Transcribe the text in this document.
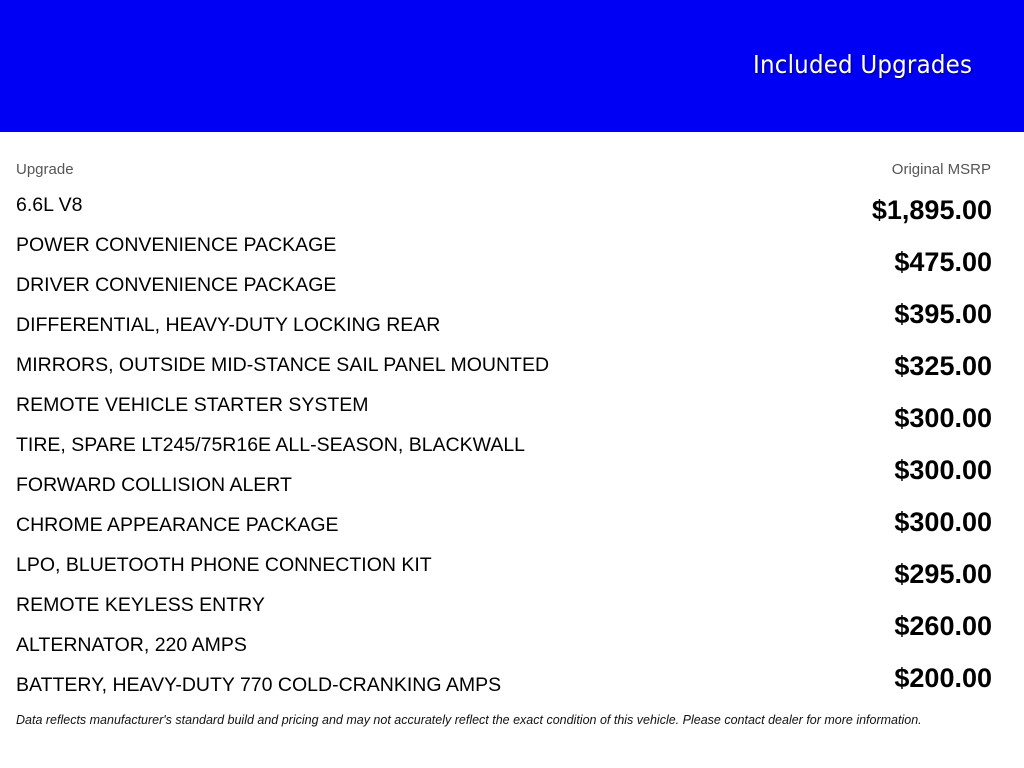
Included Upgrades
Upgrade	Original MSRP
6.6L V8
POWER CONVENIENCE PACKAGE
DRIVER CONVENIENCE PACKAGE
DIFFERENTIAL, HEAVY-DUTY LOCKING REAR
MIRRORS, OUTSIDE MID-STANCE SAIL PANEL MOUNTED
REMOTE VEHICLE STARTER SYSTEM
TIRE, SPARE LT245/75R16E ALL-SEASON, BLACKWALL
FORWARD COLLISION ALERT
CHROME APPEARANCE PACKAGE
LPO, BLUETOOTH PHONE CONNECTION KIT
REMOTE KEYLESS ENTRY
ALTERNATOR, 220 AMPS
BATTERY, HEAVY-DUTY 770 COLD-CRANKING AMPS
$1,895.00
$475.00
$395.00
$325.00
$300.00
$300.00
$300.00
$295.00
$260.00
$200.00
Data reflects manufacturer's standard build and pricing and may not accurately reflect the exact condition of this vehicle. Please contact dealer for more information.
